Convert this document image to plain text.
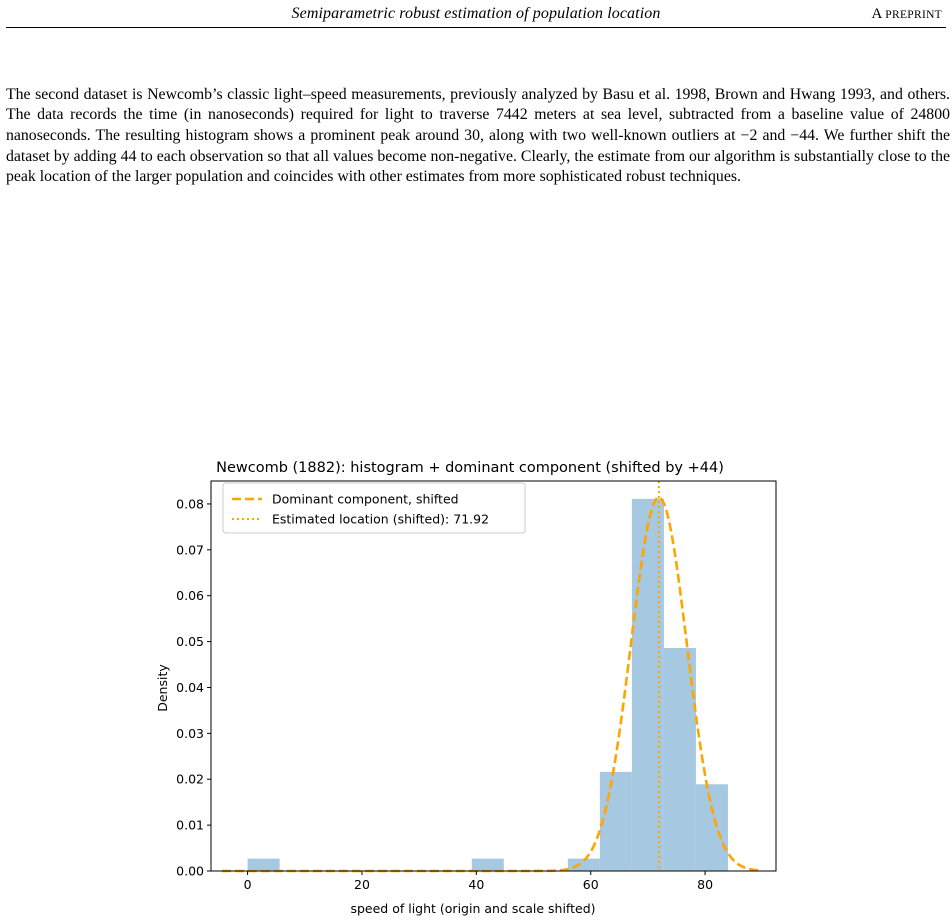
Semiparametric robust estimation of population location	A PREPRINT

The second dataset is Newcomb’s classic light–speed measurements, previously analyzed by Basu et al. 1998, Brown and Hwang 1993, and others. The data records the time (in nanoseconds) required for light to traverse 7442 meters at sea level, subtracted from a baseline value of 24800 nanoseconds. The resulting histogram shows a prominent peak around 30, along with two well-known outliers at −2 and −44. We further shift the dataset by adding 44 to each observation so that all values become non-negative. Clearly, the estimate from our algorithm is substantially close to the peak location of the larger population and coincides with other estimates from more sophisticated robust techniques.

Newcomb (1882): histogram + dominant component (shifted by +44)
0	20	40	60	80
0.00
0.01
0.02
0.03
0.04
0.05
0.06
0.07
0.08
speed of light (origin and scale shifted)
Density
Dominant component, shifted
Estimated location (shifted): 71.92
